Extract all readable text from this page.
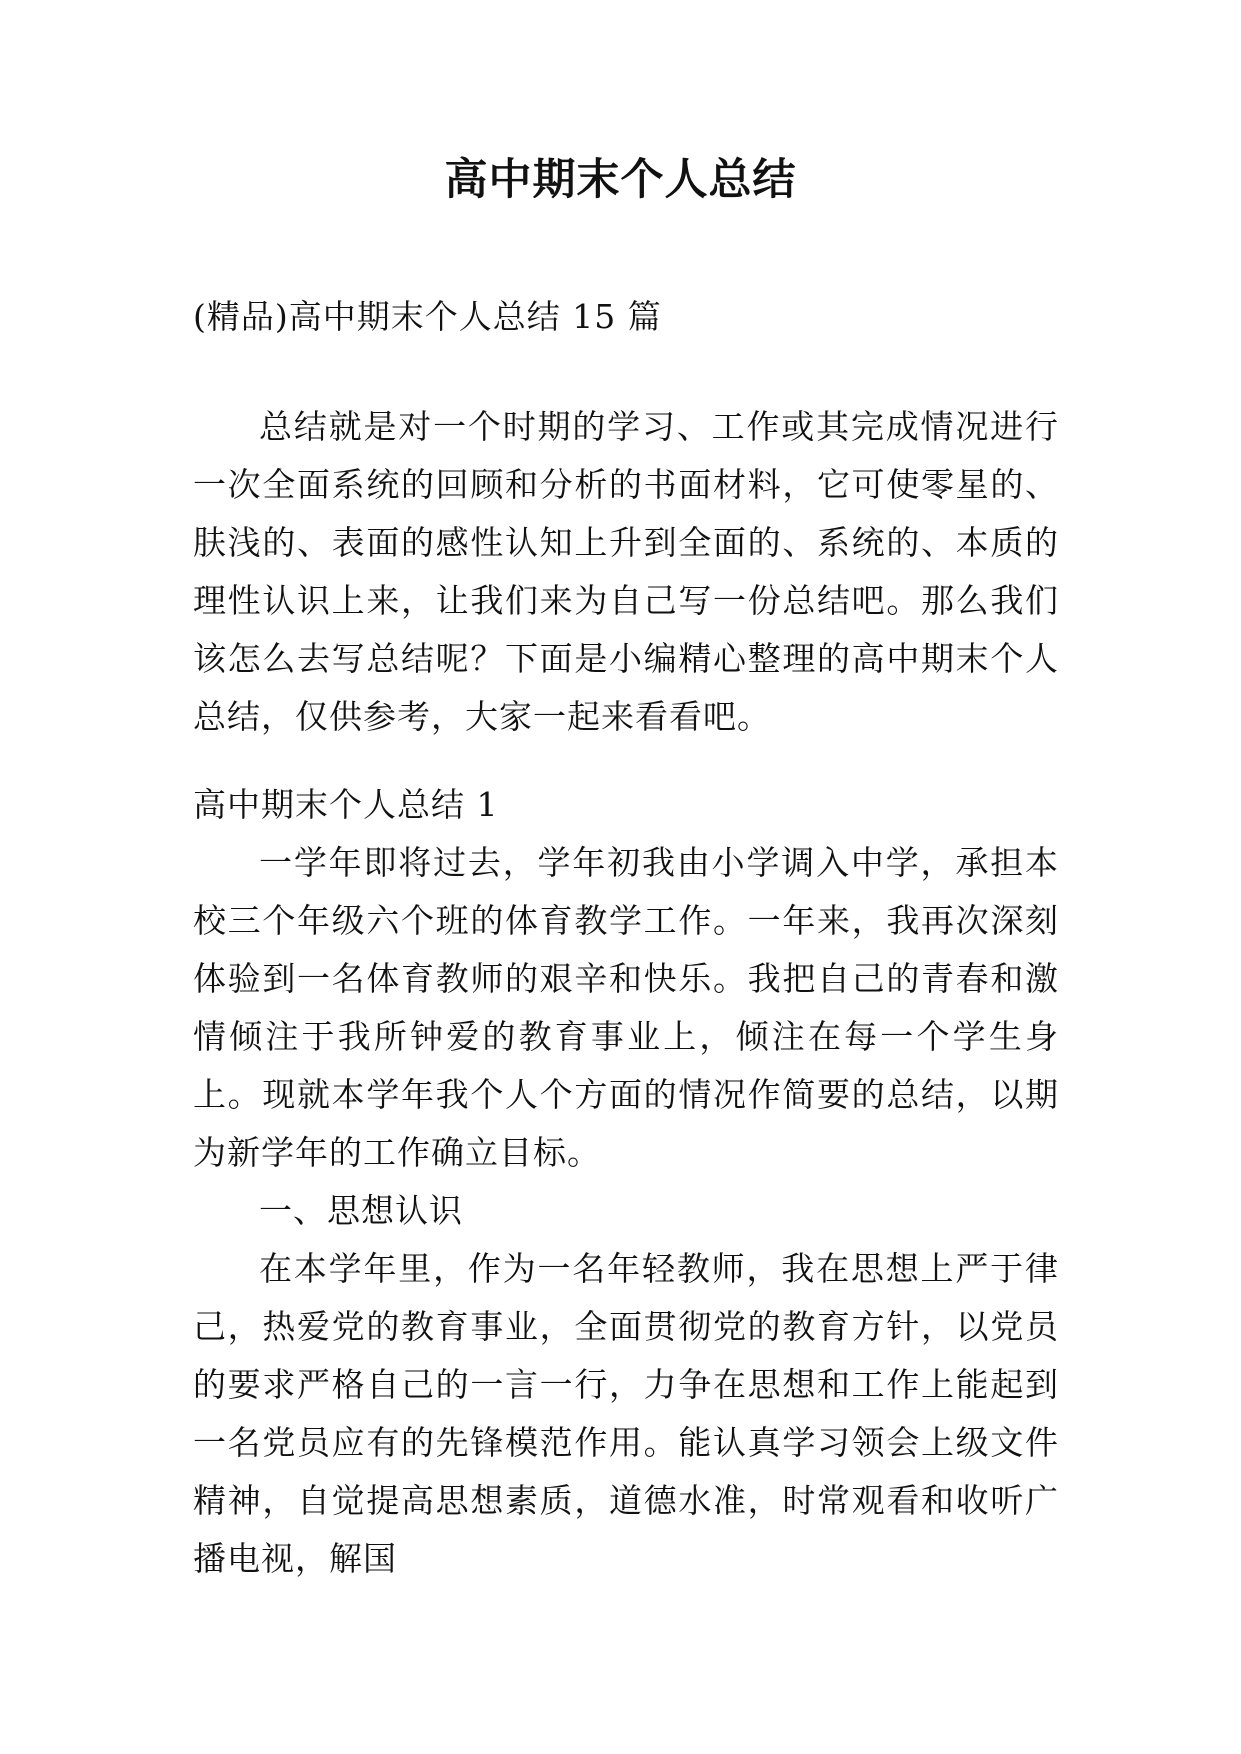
高中期末个人总结
(精品)高中期末个人总结 15 篇

总结就是对一个时期的学习、工作或其完成情况进行一次全面系统的回顾和分析的书面材料，它可使零星的、肤浅的、表面的感性认知上升到全面的、系统的、本质的理性认识上来，让我们来为自己写一份总结吧。那么我们该怎么去写总结呢？下面是小编精心整理的高中期末个人总结，仅供参考，大家一起来看看吧。

高中期末个人总结 1

一学年即将过去，学年初我由小学调入中学，承担本校三个年级六个班的体育教学工作。一年来，我再次深刻体验到一名体育教师的艰辛和快乐。我把自己的青春和激情倾注于我所钟爱的教育事业上，倾注在每一个学生身上。现就本学年我个人个方面的情况作简要的总结，以期为新学年的工作确立目标。

一、思想认识

在本学年里，作为一名年轻教师，我在思想上严于律己，热爱党的教育事业，全面贯彻党的教育方针，以党员的要求严格自己的一言一行，力争在思想和工作上能起到一名党员应有的先锋模范作用。能认真学习领会上级文件精神，自觉提高思想素质，道德水准，时常观看和收听广播电视，解国
